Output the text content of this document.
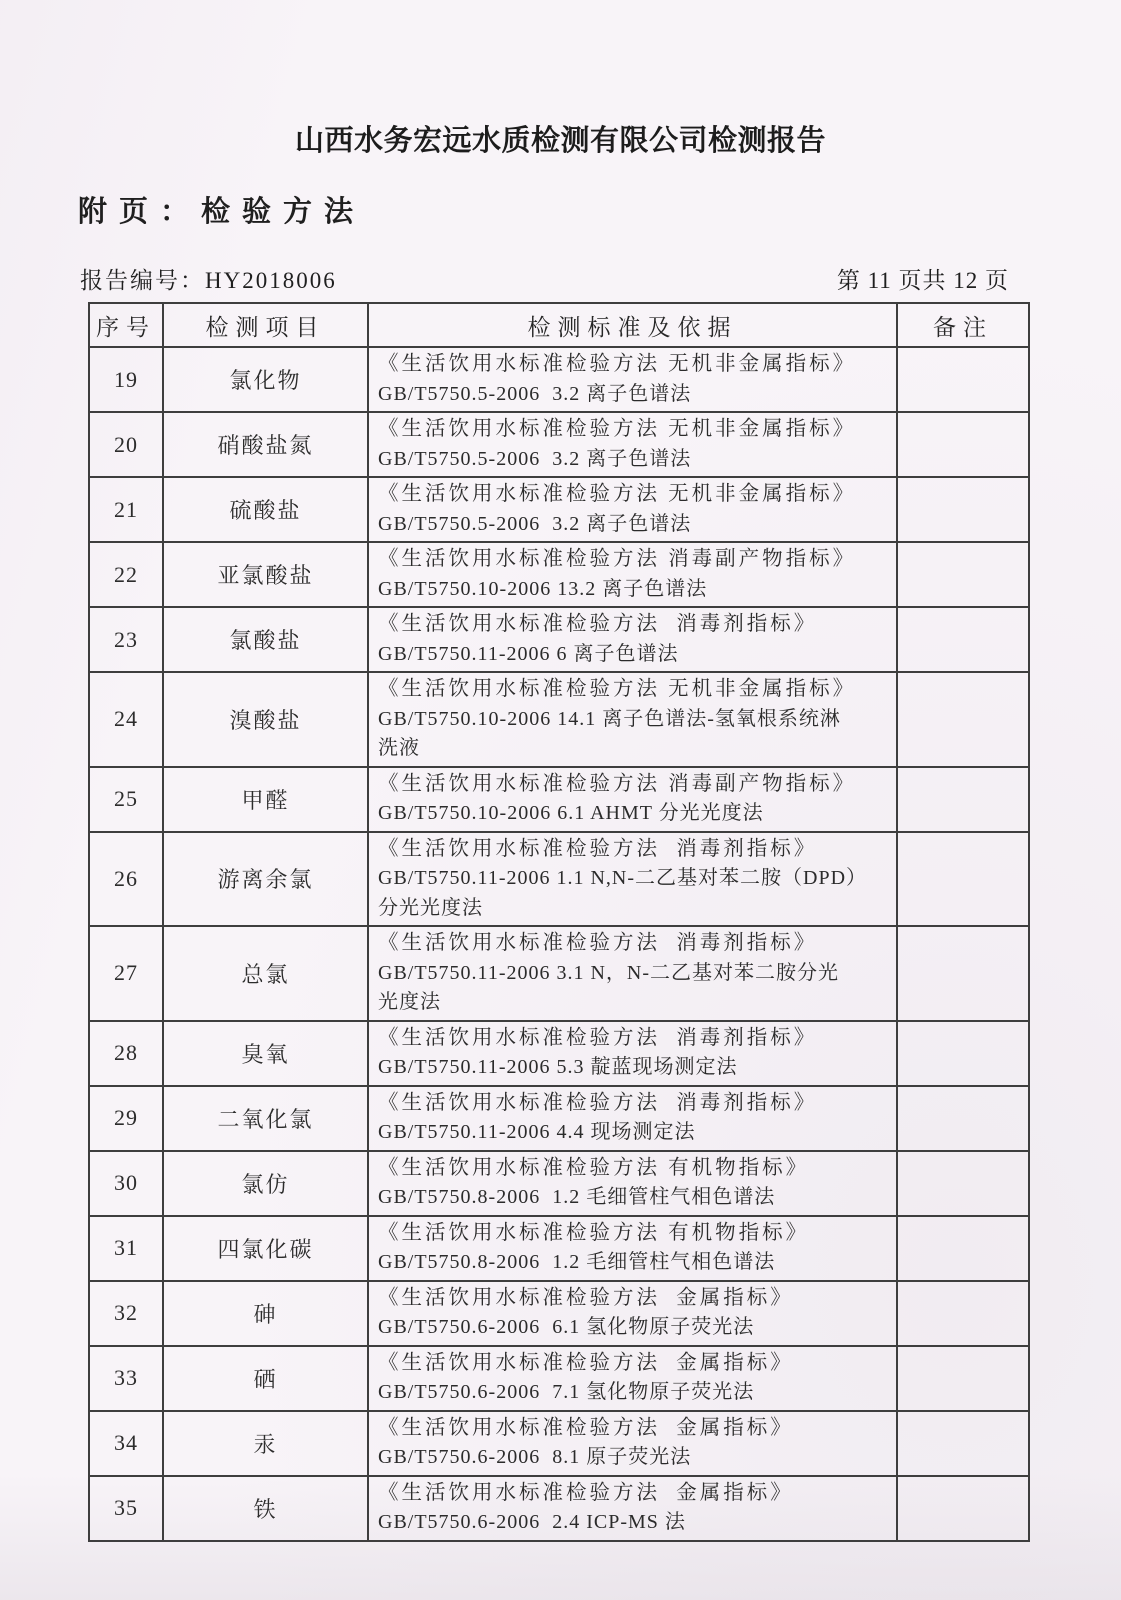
山西水务宏远水质检测有限公司检测报告
附页：检验方法
报告编号：HY2018006	第 11 页共 12 页
序号	检测项目	检测标准及依据	备注
19	氯化物	《生活饮用水标准检验方法 无机非金属指标》
GB/T5750.5-2006  3.2 离子色谱法	

20	硝酸盐氮	《生活饮用水标准检验方法 无机非金属指标》
GB/T5750.5-2006  3.2 离子色谱法	

21	硫酸盐	《生活饮用水标准检验方法 无机非金属指标》
GB/T5750.5-2006  3.2 离子色谱法	

22	亚氯酸盐	《生活饮用水标准检验方法 消毒副产物指标》
GB/T5750.10-2006 13.2 离子色谱法	

23	氯酸盐	《生活饮用水标准检验方法  消毒剂指标》
GB/T5750.11-2006 6 离子色谱法	

24	溴酸盐	《生活饮用水标准检验方法 无机非金属指标》
GB/T5750.10-2006 14.1 离子色谱法-氢氧根系统淋
洗液	

25	甲醛	《生活饮用水标准检验方法 消毒副产物指标》
GB/T5750.10-2006 6.1 AHMT 分光光度法	

26	游离余氯	《生活饮用水标准检验方法  消毒剂指标》
GB/T5750.11-2006 1.1 N,N-二乙基对苯二胺（DPD）
分光光度法	

27	总氯	《生活饮用水标准检验方法  消毒剂指标》
GB/T5750.11-2006 3.1 N，N-二乙基对苯二胺分光
光度法	

28	臭氧	《生活饮用水标准检验方法  消毒剂指标》
GB/T5750.11-2006 5.3 靛蓝现场测定法	

29	二氧化氯	《生活饮用水标准检验方法  消毒剂指标》
GB/T5750.11-2006 4.4 现场测定法	

30	氯仿	《生活饮用水标准检验方法 有机物指标》
GB/T5750.8-2006  1.2 毛细管柱气相色谱法	

31	四氯化碳	《生活饮用水标准检验方法 有机物指标》
GB/T5750.8-2006  1.2 毛细管柱气相色谱法	

32	砷	《生活饮用水标准检验方法  金属指标》
GB/T5750.6-2006  6.1 氢化物原子荧光法	

33	硒	《生活饮用水标准检验方法  金属指标》
GB/T5750.6-2006  7.1 氢化物原子荧光法	

34	汞	《生活饮用水标准检验方法  金属指标》
GB/T5750.6-2006  8.1 原子荧光法	

35	铁	《生活饮用水标准检验方法  金属指标》
GB/T5750.6-2006  2.4 ICP-MS 法	
